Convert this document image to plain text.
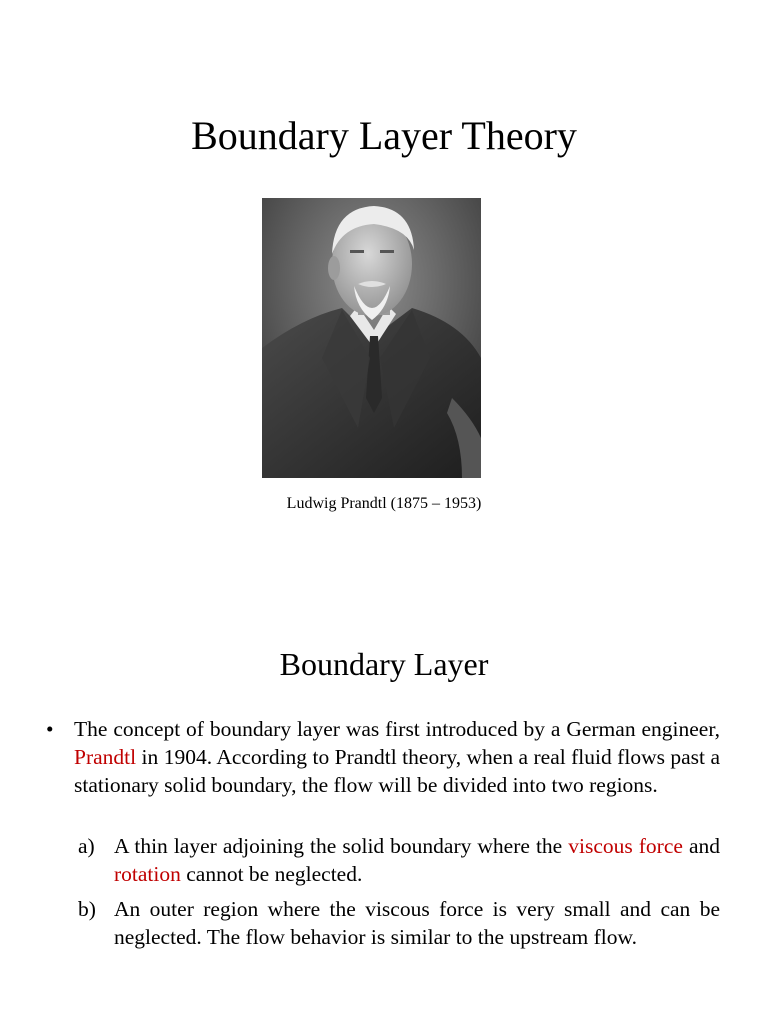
Boundary Layer Theory
Ludwig Prandtl (1875 – 1953)
Boundary Layer
• The concept of boundary layer was first introduced by a German engineer, Prandtl in 1904. According to Prandtl theory, when a real fluid flows past a stationary solid boundary, the flow will be divided into two regions.

a) A thin layer adjoining the solid boundary where the viscous force and rotation cannot be neglected.

b) An outer region where the viscous force is very small and can be neglected. The flow behavior is similar to the upstream flow.
